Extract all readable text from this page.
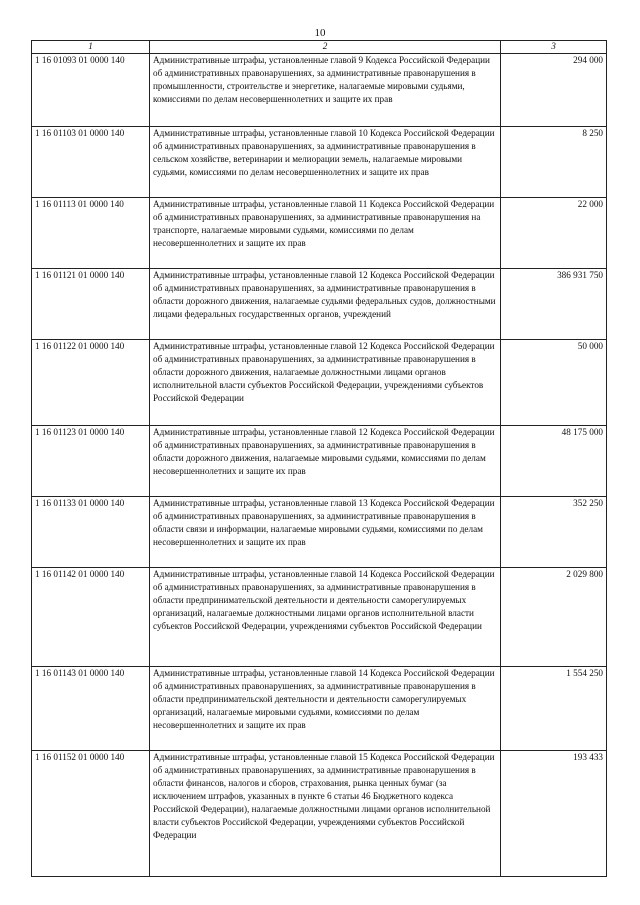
10
1	2	3
1 16 01093 01 0000 140	Административные штрафы, установленные главой 9 Кодекса Российской Федерации об административных правонарушениях, за административные правонарушения в промышленности, строительстве и энергетике, налагаемые мировыми судьями, комиссиями по делам несовершеннолетних и защите их прав	294 000
1 16 01103 01 0000 140	Административные штрафы, установленные главой 10 Кодекса Российской Федерации об административных правонарушениях, за административные правонарушения в сельском хозяйстве, ветеринарии и мелиорации земель, налагаемые мировыми судьями, комиссиями по делам несовершеннолетних и защите их прав	8 250
1 16 01113 01 0000 140	Административные штрафы, установленные главой 11 Кодекса Российской Федерации об административных правонарушениях, за административные правонарушения на транспорте, налагаемые мировыми судьями, комиссиями по делам несовершеннолетних и защите их прав	22 000
1 16 01121 01 0000 140	Административные штрафы, установленные главой 12 Кодекса Российской Федерации об административных правонарушениях, за административные правонарушения в области дорожного движения, налагаемые судьями федеральных судов, должностными лицами федеральных государственных органов, учреждений	386 931 750
1 16 01122 01 0000 140	Административные штрафы, установленные главой 12 Кодекса Российской Федерации об административных правонарушениях, за административные правонарушения в области дорожного движения, налагаемые должностными лицами органов исполнительной власти субъектов Российской Федерации, учреждениями субъектов Российской Федерации	50 000
1 16 01123 01 0000 140	Административные штрафы, установленные главой 12 Кодекса Российской Федерации об административных правонарушениях, за административные правонарушения в области дорожного движения, налагаемые мировыми судьями, комиссиями по делам несовершеннолетних и защите их прав	48 175 000
1 16 01133 01 0000 140	Административные штрафы, установленные главой 13 Кодекса Российской Федерации об административных правонарушениях, за административные правонарушения в области связи и информации, налагаемые мировыми судьями, комиссиями по делам несовершеннолетних и защите их прав	352 250
1 16 01142 01 0000 140	Административные штрафы, установленные главой 14 Кодекса Российской Федерации об административных правонарушениях, за административные правонарушения в области предпринимательской деятельности и деятельности саморегулируемых организаций, налагаемые должностными лицами органов исполнительной власти субъектов Российской Федерации, учреждениями субъектов Российской Федерации	2 029 800
1 16 01143 01 0000 140	Административные штрафы, установленные главой 14 Кодекса Российской Федерации об административных правонарушениях, за административные правонарушения в области предпринимательской деятельности и деятельности саморегулируемых организаций, налагаемые мировыми судьями, комиссиями по делам несовершеннолетних и защите их прав	1 554 250
1 16 01152 01 0000 140	Административные штрафы, установленные главой 15 Кодекса Российской Федерации об административных правонарушениях, за административные правонарушения в области финансов, налогов и сборов, страхования, рынка ценных бумаг (за исключением штрафов, указанных в пункте 6 статьи 46 Бюджетного кодекса Российской Федерации), налагаемые должностными лицами органов исполнительной власти субъектов Российской Федерации, учреждениями субъектов Российской Федерации	193 433
